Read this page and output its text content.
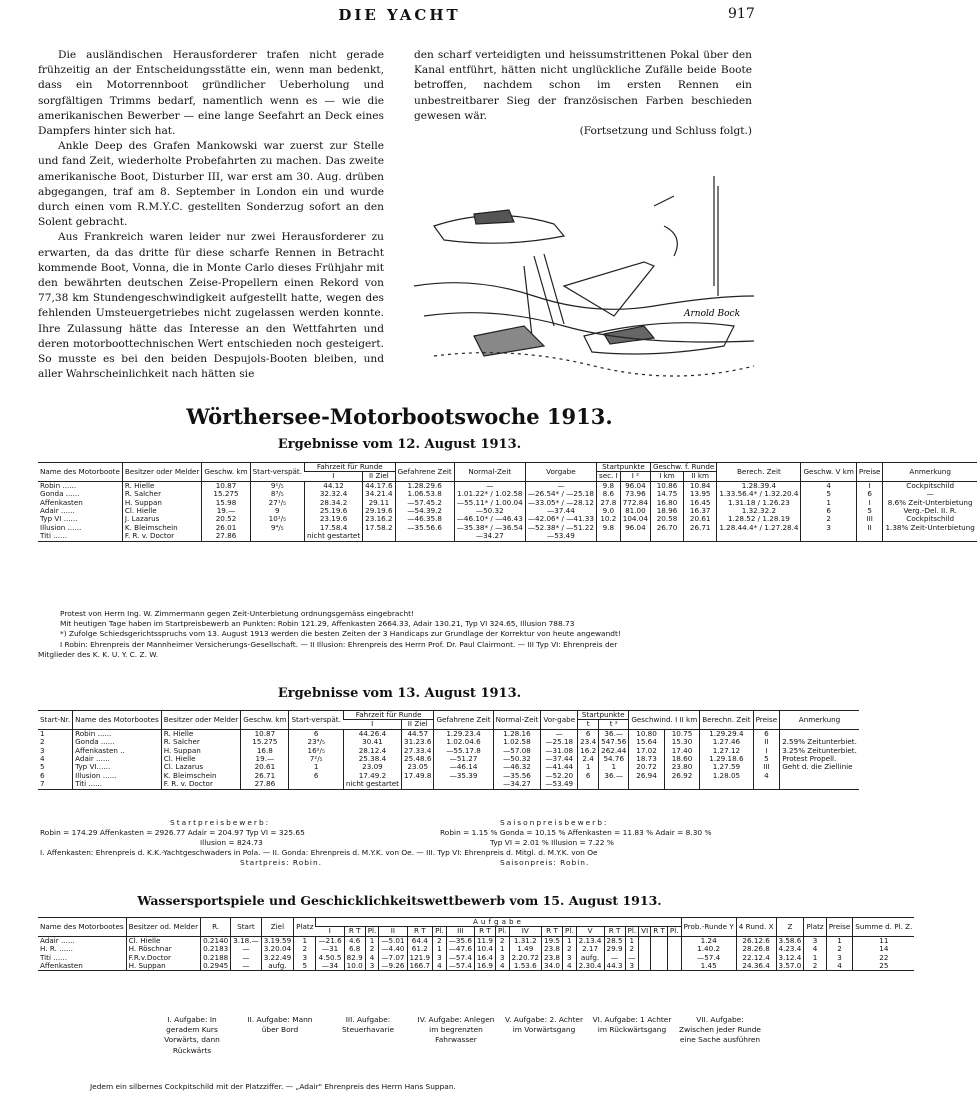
DIE YACHT	917

Die ausländischen Herausforderer trafen nicht gerade frühzeitig an der Entscheidungsstätte ein, wenn man bedenkt, dass ein Motorrennboot gründlicher Ueberholung und sorgfältigen Trimms bedarf, namentlich wenn es — wie die amerikanischen Bewerber — eine lange Seefahrt an Deck eines Dampfers hinter sich hat.

Ankle Deep des Grafen Mankowski war zuerst zur Stelle und fand Zeit, wiederholte Probefahrten zu machen. Das zweite amerikanische Boot, Disturber III, war erst am 30. Aug. drüben abgegangen, traf am 8. September in London ein und wurde durch einen vom R.M.Y.C. gestellten Sonderzug sofort an den Solent gebracht.

Aus Frankreich waren leider nur zwei Herausforderer zu erwarten, da das dritte für diese scharfe Rennen in Betracht kommende Boot, Vonna, die in Monte Carlo dieses Frühjahr mit den bewährten deutschen Zeise-Propellern einen Rekord von 77,38 km Stundengeschwindigkeit aufgestellt hatte, wegen des fehlenden Umsteuergetriebes nicht zugelassen werden konnte. Ihre Zulassung hätte das Interesse an den Wettfahrten und deren motorboottechnischen Wert entschieden noch gesteigert. So musste es bei den beiden Despujols-Booten bleiben, und aller Wahrscheinlichkeit nach hätten sie

den scharf verteidigten und heissumstrittenen Pokal über den Kanal entführt, hätten nicht unglückliche Zufälle beide Boote betroffen, nachdem schon im ersten Rennen ein unbestreitbarer Sieg der französischen Farben beschieden gewesen wär.

(Fortsetzung und Schluss folgt.)

Arnold Bock
Wörthersee-Motorbootswoche 1913.
Ergebnisse vom 12. August 1913.
Name des Motorboote	Besitzer oder Melder	Geschw. km	Start-verspät.	Fahrzeit für Runde		Gefahrene Zeit	Normal-Zeit	Vorgabe	Startpunkte		Geschw. f. Runde		Berech. Zeit	Geschw. V km	Preise	Anmerkung
				I	II Ziel				sec. I	I ²	I km	II km				
Robin ......	R. Hielle	10.87	9¹/₅	44.12	44.17.6	1.28.29.6	—	—	9.8	96.04	10.86	10.84	1.28.39.4	4	I	Cockpitschild
Gonda ......	R. Salcher	15.275	8³/₅	32.32.4	34.21.4	1.06.53.8	1.01.22* / 1.02.58	—26.54* / —25.18	8.6	73.96	14.75	13.95	1.33.56.4* / 1.32.20.4	5	6	—
Affenkasten	H. Suppan	15.98	27¹/₅	28.34.2	29.11	—57.45.2	—55.11* / 1.00.04	—33.05* / —28.12	27.8	772.84	16.80	16.45	1.31.18 / 1.26.23	1	I	8.6% Zeit-Unterbietung
Adair ......	Cl. Hielle	19.—	9	25.19.6	29.19.6	—54.39.2	—50.32	—37.44	9.0	81.00	18.96	16.37	1.32.32.2	6	5	Verg.-Del. II. R.
Typ VI ......	J. Lazarus	20.52	10¹/₅	23.19.6	23.16.2	—46.35.8	—46.10* / —46.43	—42.06* / —41.33	10.2	104.04	20.58	20.61	1.28.52 / 1.28.19	2	III	Cockpitschild
Illusion ......	K. Bleimschein	26.01	9⁴/₅	17.58.4	17.58.2	—35.56.6	—35.38* / —36.54	—52.38* / —51.22	9.8	96.04	26.70	26.71	1.28.44.4* / 1.27.28.4	3	II	1.38% Zeit-Unterbietung
Titi ......	F. R. v. Doctor	27.86		nicht gestartet			—34.27	—53.49								
Protest von Herrn Ing. W. Zimmermann gegen Zeit-Unterbietung ordnungsgemäss eingebracht!
Mit heutigen Tage haben im Startpreisbewerb an Punkten: Robin 121.29, Affenkasten 2664.33, Adair 130.21, Typ VI 324.65, Illusion 788.73
*) Zufolge Schiedsgerichtsspruchs vom 13. August 1913 werden die besten Zeiten der 3 Handicaps zur Grundlage der Korrektur von heute angewandt!
I Robin: Ehrenpreis der Mannheimer Versicherungs-Gesellschaft. — II Illusion: Ehrenpreis des Herrn Prof. Dr. Paul Clairmont. — III Typ VI: Ehrenpreis der
Mitglieder des K. K. U. Y. C. Z. W.
Ergebnisse vom 13. August 1913.
Start-Nr.	Name des Motorbootes	Besitzer oder Melder	Geschw. km	Start-verspät.	Fahrzeit für Runde		Gefahrene Zeit	Normal-Zeit	Vor-gabe	Startpunkte		Geschwind. I II km		Berechn. Zeit	Preise	Anmerkung
					I	II Ziel				t	t ²					
1	Robin ......	R. Hielle	10.87	6	44.26.4	44.57	1.29.23.4	1.28.16	—	6	36.—	10.80	10.75	1.29.29.4	6	
2	Gonda ......	R. Salcher	15.275	23⁴/₅	30.41	31.23.6	1.02.04.6	1.02.58	—25.18	23.4	547.56	15.64	15.30	1.27.46	II	2.59% Zeitunterbiet.
3	Affenkasten ..	H. Suppan	16.8	16²/₅	28.12.4	27.33.4	—55.17.8	—57.08	—31.08	16.2	262.44	17.02	17.40	1.27.12	I	3.25% Zeitunterbiet.
4	Adair ......	Cl. Hielle	19.—	7²/₅	25.38.4	25.48.6	—51.27	—50.32	—37.44	2.4	54.76	18.73	18.60	1.29.18.6	5	Protest Propell.
5	Typ VI......	Cl. Lazarus	20.61	1	23.09	23.05	—46.14	—46.32	—41.44	1	1	20.72	23.80	1.27.59	III	Geht d. die Ziellinie
6	Illusion ......	K. Bleimschein	26.71	6	17.49.2	17.49.8	—35.39	—35.56	—52.20	6	36.—	26.94	26.92	1.28.05	4	
7	Titi ......	F. R. v. Doctor	27.86		nicht gestartet			—34.27	—53.49							
Startpreisbewerb:	Saisonpreisbewerb:
Robin = 174.29 Affenkasten = 2926.77 Adair = 204.97 Typ VI = 325.65	Robin = 1.15 % Gonda = 10.15 % Affenkasten = 11.83 % Adair = 8.30 %
Illusion = 824.73	Typ VI = 2.01 % Illusion = 7.22 %
I. Affenkasten: Ehrenpreis d. K.K.-Yachtgeschwaders in Pola. — II. Gonda: Ehrenpreis d. M.Y.K. von Oe. — III. Typ VI: Ehrenpreis d. Mitgl. d. M.Y.K. von Oe
Startpreis: Robin.	Saisonpreis: Robin.
Wassersportspiele und Geschicklichkeitswettbewerb vom 15. August 1913.
Name des Motorbootes	Besitzer od. Melder	R.	Start	Ziel	Platz	Aufgabe																		Prob.-Runde Y	4 Rund. X	Z	Platz	Preise	Summe d. Pl. Z.
						I	R T	Pl.	II	R T	Pl.	III	R T	Pl.	IV	R T	Pl.	V	R T	Pl.	VI	R T	Pl.						
Adair ......	Cl. Hielle	0.2140	3.18.—	3.19.59	1	—21.6	4.6	1	—5.01	64.4	2	—35.6	11.9	2	1.31.2	19.5	1	2.13.4	28.5	1				1.24	26.12.6	3.58.6	3	1	11
H. R. ......	H. Röschnar	0.2183	—	3.20.04	2	—31	6.8	2	—4.40	61.2	1	—47.6	10.4	1	1.49	23.8	2	2.17	29.9	2				1.40.2	28.26.8	4.23.4	4	2	14
Titi ......	F.R.v.Doctor	0.2188	—	3.22.49	3	4.50.5	82.9	4	—7.07	121.9	3	—57.4	16.4	3	2.20.72	23.8	3	aufg.	—	—				—57.4	22.12.4	3.12.4	1	3	22
Affenkasten	H. Suppan	0.2945	—	aufg.	5	—34	10.0	3	—9.26	166.7	4	—57.4	16.9	4	1.53.6	34.0	4	2.30.4	44.3	3				1.45	24.36.4	3.57.0	2	4	25
I. Aufgabe: In geradem Kurs Vorwärts, dann Rückwärts
II. Aufgabe: Mann über Bord
III. Aufgabe: Steuerhavarie
IV. Aufgabe: Anlegen im begrenzten Fahrwasser
V. Aufgabe: 2. Achter im Vorwärtsgang
VI. Aufgabe: 1 Achter im Rückwärtsgang
VII. Aufgabe: Zwischen jeder Runde eine Sache ausführen
Jedem ein silbernes Cockpitschild mit der Platzziffer. — „Adair" Ehrenpreis des Herrn Hans Suppan.
